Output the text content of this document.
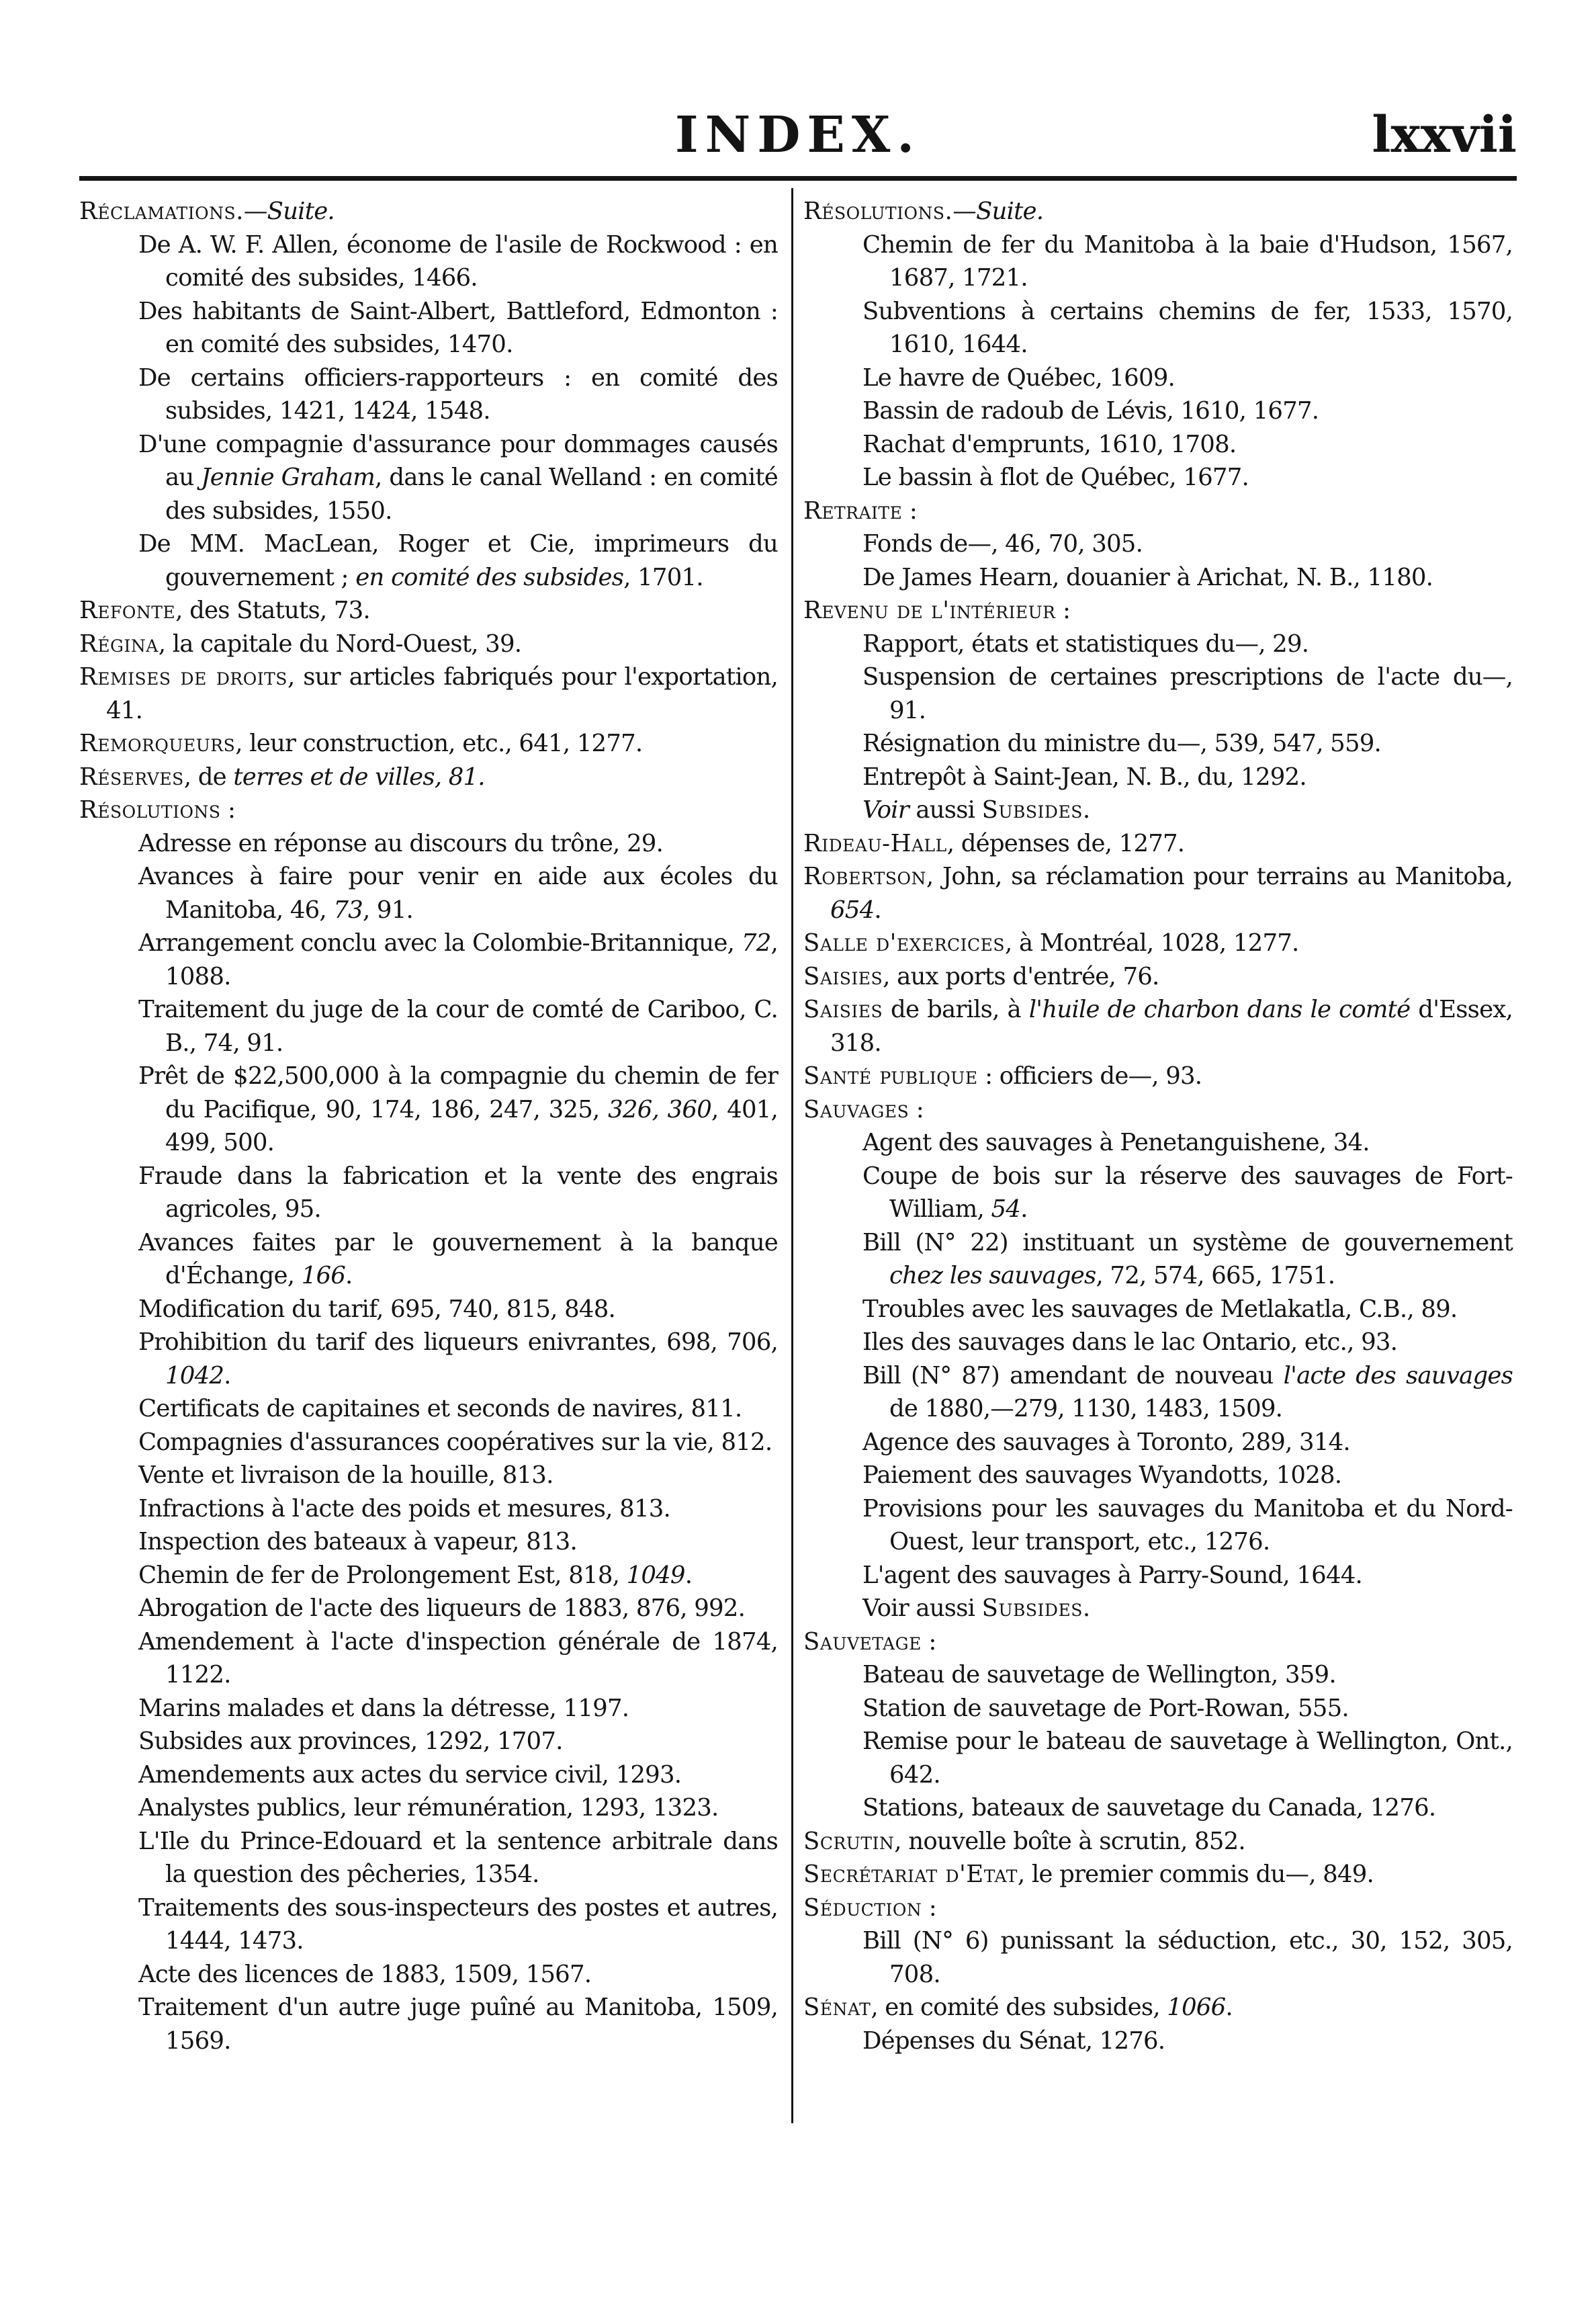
INDEX.	lxxvii
Réclamations.—Suite.
De A. W. F. Allen, économe de l'asile de Rockwood : en comité des subsides, 1466.
Des habitants de Saint-Albert, Battleford, Edmonton : en comité des subsides, 1470.
De certains officiers-rapporteurs : en comité des subsides, 1421, 1424, 1548.
D'une compagnie d'assurance pour dommages causés au Jennie Graham, dans le canal Welland : en comité des subsides, 1550.
De MM. MacLean, Roger et Cie, imprimeurs du gouvernement ; en comité des subsides, 1701.
Refonte, des Statuts, 73.
Régina, la capitale du Nord-Ouest, 39.
Remises de droits, sur articles fabriqués pour l'exportation, 41.
Remorqueurs, leur construction, etc., 641, 1277.
Réserves, de terres et de villes, 81.
Résolutions :
Adresse en réponse au discours du trône, 29.
Avances à faire pour venir en aide aux écoles du Manitoba, 46, 73, 91.
Arrangement conclu avec la Colombie-Britannique, 72, 1088.
Traitement du juge de la cour de comté de Cariboo, C. B., 74, 91.
Prêt de $22,500,000 à la compagnie du chemin de fer du Pacifique, 90, 174, 186, 247, 325, 326, 360, 401, 499, 500.
Fraude dans la fabrication et la vente des engrais agricoles, 95.
Avances faites par le gouvernement à la banque d'Échange, 166.
Modification du tarif, 695, 740, 815, 848.
Prohibition du tarif des liqueurs enivrantes, 698, 706, 1042.
Certificats de capitaines et seconds de navires, 811.
Compagnies d'assurances coopératives sur la vie, 812.
Vente et livraison de la houille, 813.
Infractions à l'acte des poids et mesures, 813.
Inspection des bateaux à vapeur, 813.
Chemin de fer de Prolongement Est, 818, 1049.
Abrogation de l'acte des liqueurs de 1883, 876, 992.
Amendement à l'acte d'inspection générale de 1874, 1122.
Marins malades et dans la détresse, 1197.
Subsides aux provinces, 1292, 1707.
Amendements aux actes du service civil, 1293.
Analystes publics, leur rémunération, 1293, 1323.
L'Ile du Prince-Edouard et la sentence arbitrale dans la question des pêcheries, 1354.
Traitements des sous-inspecteurs des postes et autres, 1444, 1473.
Acte des licences de 1883, 1509, 1567.
Traitement d'un autre juge puîné au Manitoba, 1509, 1569.
Résolutions.—Suite.
Chemin de fer du Manitoba à la baie d'Hudson, 1567, 1687, 1721.
Subventions à certains chemins de fer, 1533, 1570, 1610, 1644.
Le havre de Québec, 1609.
Bassin de radoub de Lévis, 1610, 1677.
Rachat d'emprunts, 1610, 1708.
Le bassin à flot de Québec, 1677.
Retraite :
Fonds de—, 46, 70, 305.
De James Hearn, douanier à Arichat, N. B., 1180.
Revenu de l'intérieur :
Rapport, états et statistiques du—, 29.
Suspension de certaines prescriptions de l'acte du—, 91.
Résignation du ministre du—, 539, 547, 559.
Entrepôt à Saint-Jean, N. B., du, 1292.
Voir aussi Subsides.
Rideau-Hall, dépenses de, 1277.
Robertson, John, sa réclamation pour terrains au Manitoba, 654.
Salle d'exercices, à Montréal, 1028, 1277.
Saisies, aux ports d'entrée, 76.
Saisies de barils, à l'huile de charbon dans le comté d'Essex, 318.
Santé publique : officiers de—, 93.
Sauvages :
Agent des sauvages à Penetanguishene, 34.
Coupe de bois sur la réserve des sauvages de Fort-William, 54.
Bill (N° 22) instituant un système de gouvernement chez les sauvages, 72, 574, 665, 1751.
Troubles avec les sauvages de Metlakatla, C.B., 89.
Iles des sauvages dans le lac Ontario, etc., 93.
Bill (N° 87) amendant de nouveau l'acte des sauvages de 1880,—279, 1130, 1483, 1509.
Agence des sauvages à Toronto, 289, 314.
Paiement des sauvages Wyandotts, 1028.
Provisions pour les sauvages du Manitoba et du Nord-Ouest, leur transport, etc., 1276.
L'agent des sauvages à Parry-Sound, 1644.
Voir aussi Subsides.
Sauvetage :
Bateau de sauvetage de Wellington, 359.
Station de sauvetage de Port-Rowan, 555.
Remise pour le bateau de sauvetage à Wellington, Ont., 642.
Stations, bateaux de sauvetage du Canada, 1276.
Scrutin, nouvelle boîte à scrutin, 852.
Secrétariat d'Etat, le premier commis du—, 849.
Séduction :
Bill (N° 6) punissant la séduction, etc., 30, 152, 305, 708.
Sénat, en comité des subsides, 1066.
Dépenses du Sénat, 1276.
